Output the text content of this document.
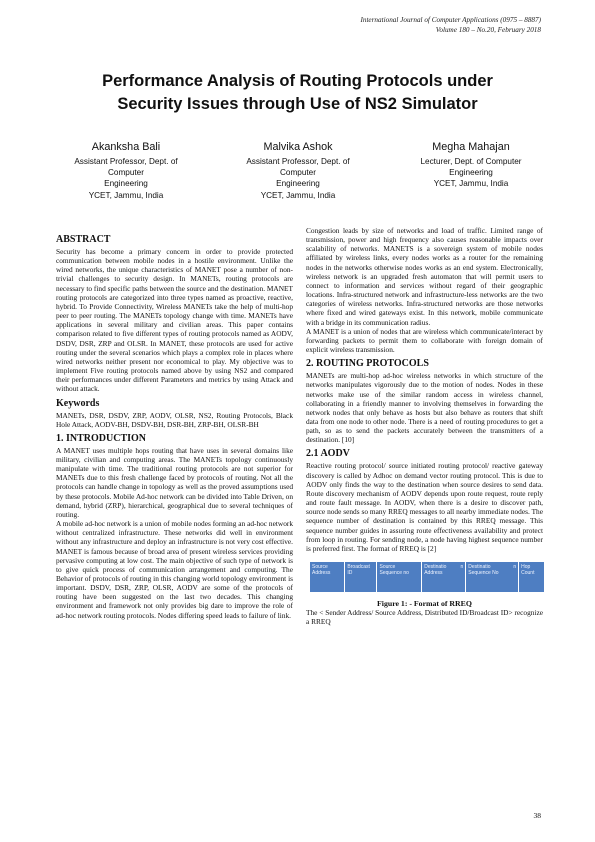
International Journal of Computer Applications (0975 – 8887)
Volume 180 – No.20, February 2018
Performance Analysis of Routing Protocols under
Security Issues through Use of NS2 Simulator
Akanksha Bali
Assistant Professor, Dept. of
Computer
Engineering
YCET, Jammu, India
Malvika Ashok
Assistant Professor, Dept. of
Computer
Engineering
YCET, Jammu, India
Megha Mahajan
Lecturer, Dept. of Computer
Engineering
YCET, Jammu, India
ABSTRACT

Security has become a primary concern in order to provide protected communication between mobile nodes in a hostile environment. Unlike the wired networks, the unique characteristics of MANET pose a number of non-trivial challenges to security design. In MANETs, routing protocols are necessary to find specific paths between the source and the destination. MANET routing protocols are categorized into three types named as proactive, reactive, hybrid. To Provide Connectivity, Wireless MANETs take the help of multi-hop peer to peer routing. The MANETs topology change with time. MANETs have applications in several military and civilian areas. This paper contains comparison related to five different types of routing protocols named as AODV, DSDV, DSR, ZRP and OLSR. In MANET, these protocols are used for active routing under the several scenarios which plays a complex role in places where wired networks neither present nor economical to play. My objective was to implement Five routing protocols named above by using NS2 and compared their performances under different Parameters and metrics by using Attack and without attack.

Keywords

MANETs, DSR, DSDV, ZRP, AODV, OLSR, NS2, Routing Protocols, Black Hole Attack, AODV-BH, DSDV-BH, DSR-BH, ZRP-BH, OLSR-BH

1. INTRODUCTION

A MANET uses multiple hops routing that have uses in several domains like military, civilian and computing areas. The MANETs topology continuously manipulate with time. The traditional routing protocols are not superior for MANETs due to this fresh challenge faced by protocols of routing. Not all the protocols can handle change in topology as well as the proved assumptions used by these protocols. Mobile Ad-hoc network can be divided into Table Driven, on demand, hybrid (ZRP), hierarchical, geographical due to several techniques of routing.

A mobile ad-hoc network is a union of mobile nodes forming an ad-hoc network without centralized infrastructure. These networks did well in environment without any infrastructure and deploy an infrastructure is not very cost effective. MANET is famous because of broad area of present wireless services providing pervasive computing at low cost. The main objective of such type of network is to give quick process of communication arrangement and computing. The Behavior of protocols of routing in this changing world topology environment is important. DSDV, DSR, ZRP, OLSR, AODV are some of the protocols of routing have been suggested on the last two decades. This changing environment and framework not only provides big dare to improve the role of ad-hoc network routing protocols. Nodes differing speed leads to failure of link.

Congestion leads by size of networks and load of traffic. Limited range of transmission, power and high frequency also causes reasonable impacts over scalability of networks. MANETS is a sovereign system of mobile nodes affiliated by wireless links, every nodes works as a router for the remaining nodes in the networks otherwise nodes works as an end system. Electronically, wireless network is an upgraded fresh automaton that will permit users to connect to information and services without regard of their geographic locations. Infra-structured network and infrastructure-less networks are the two categories of wireless networks. Infra-structured networks are those networks where fixed and wired gateways exist. In this network, mobile communicate with a bridge in its communication radius.

A MANET is a union of nodes that are wireless which communicate/interact by forwarding packets to permit them to collaborate with foreign domain of explicit wireless transmission.

2. ROUTING PROTOCOLS

MANETs are multi-hop ad-hoc wireless networks in which structure of the networks manipulates vigorously due to the motion of nodes. Nodes in these networks make use of the similar random access in wireless channel, collaborating in a friendly manner to involving themselves in forwarding the network nodes that only behave as hosts but also behave as routers that shift data from one node to other node. There is a need of routing procedures to get a path, so as to send the packets accurately between the transmitters of a destination. [10]

2.1 AODV

Reactive routing protocol/ source initiated routing protocol/ reactive gateway discovery is called by Adhoc on demand vector routing protocol. This is due to AODV only finds the way to the destination when source desires to send data. Route discovery mechanism of AODV depends upon route request, route reply and route fault message. In AODV, when there is a desire to discover path, source node sends so many RREQ messages to all nearby immediate nodes. The sequence number of destination is contained by this RREQ message. This sequence number guides in assuring route effectiveness availability and protect from loop in routing. For sending node, a node having highest sequence number is preferred first. The format of RREQ is [2]

Source Address	Broadcast ID	Source Sequence no	Destinatio n Address	Destinatio n Sequence No	Hop Count
Figure 1: - Format of RREQ

The < Sender Address/ Source Address, Distributed ID/Broadcast ID> recognize a RREQ

38
